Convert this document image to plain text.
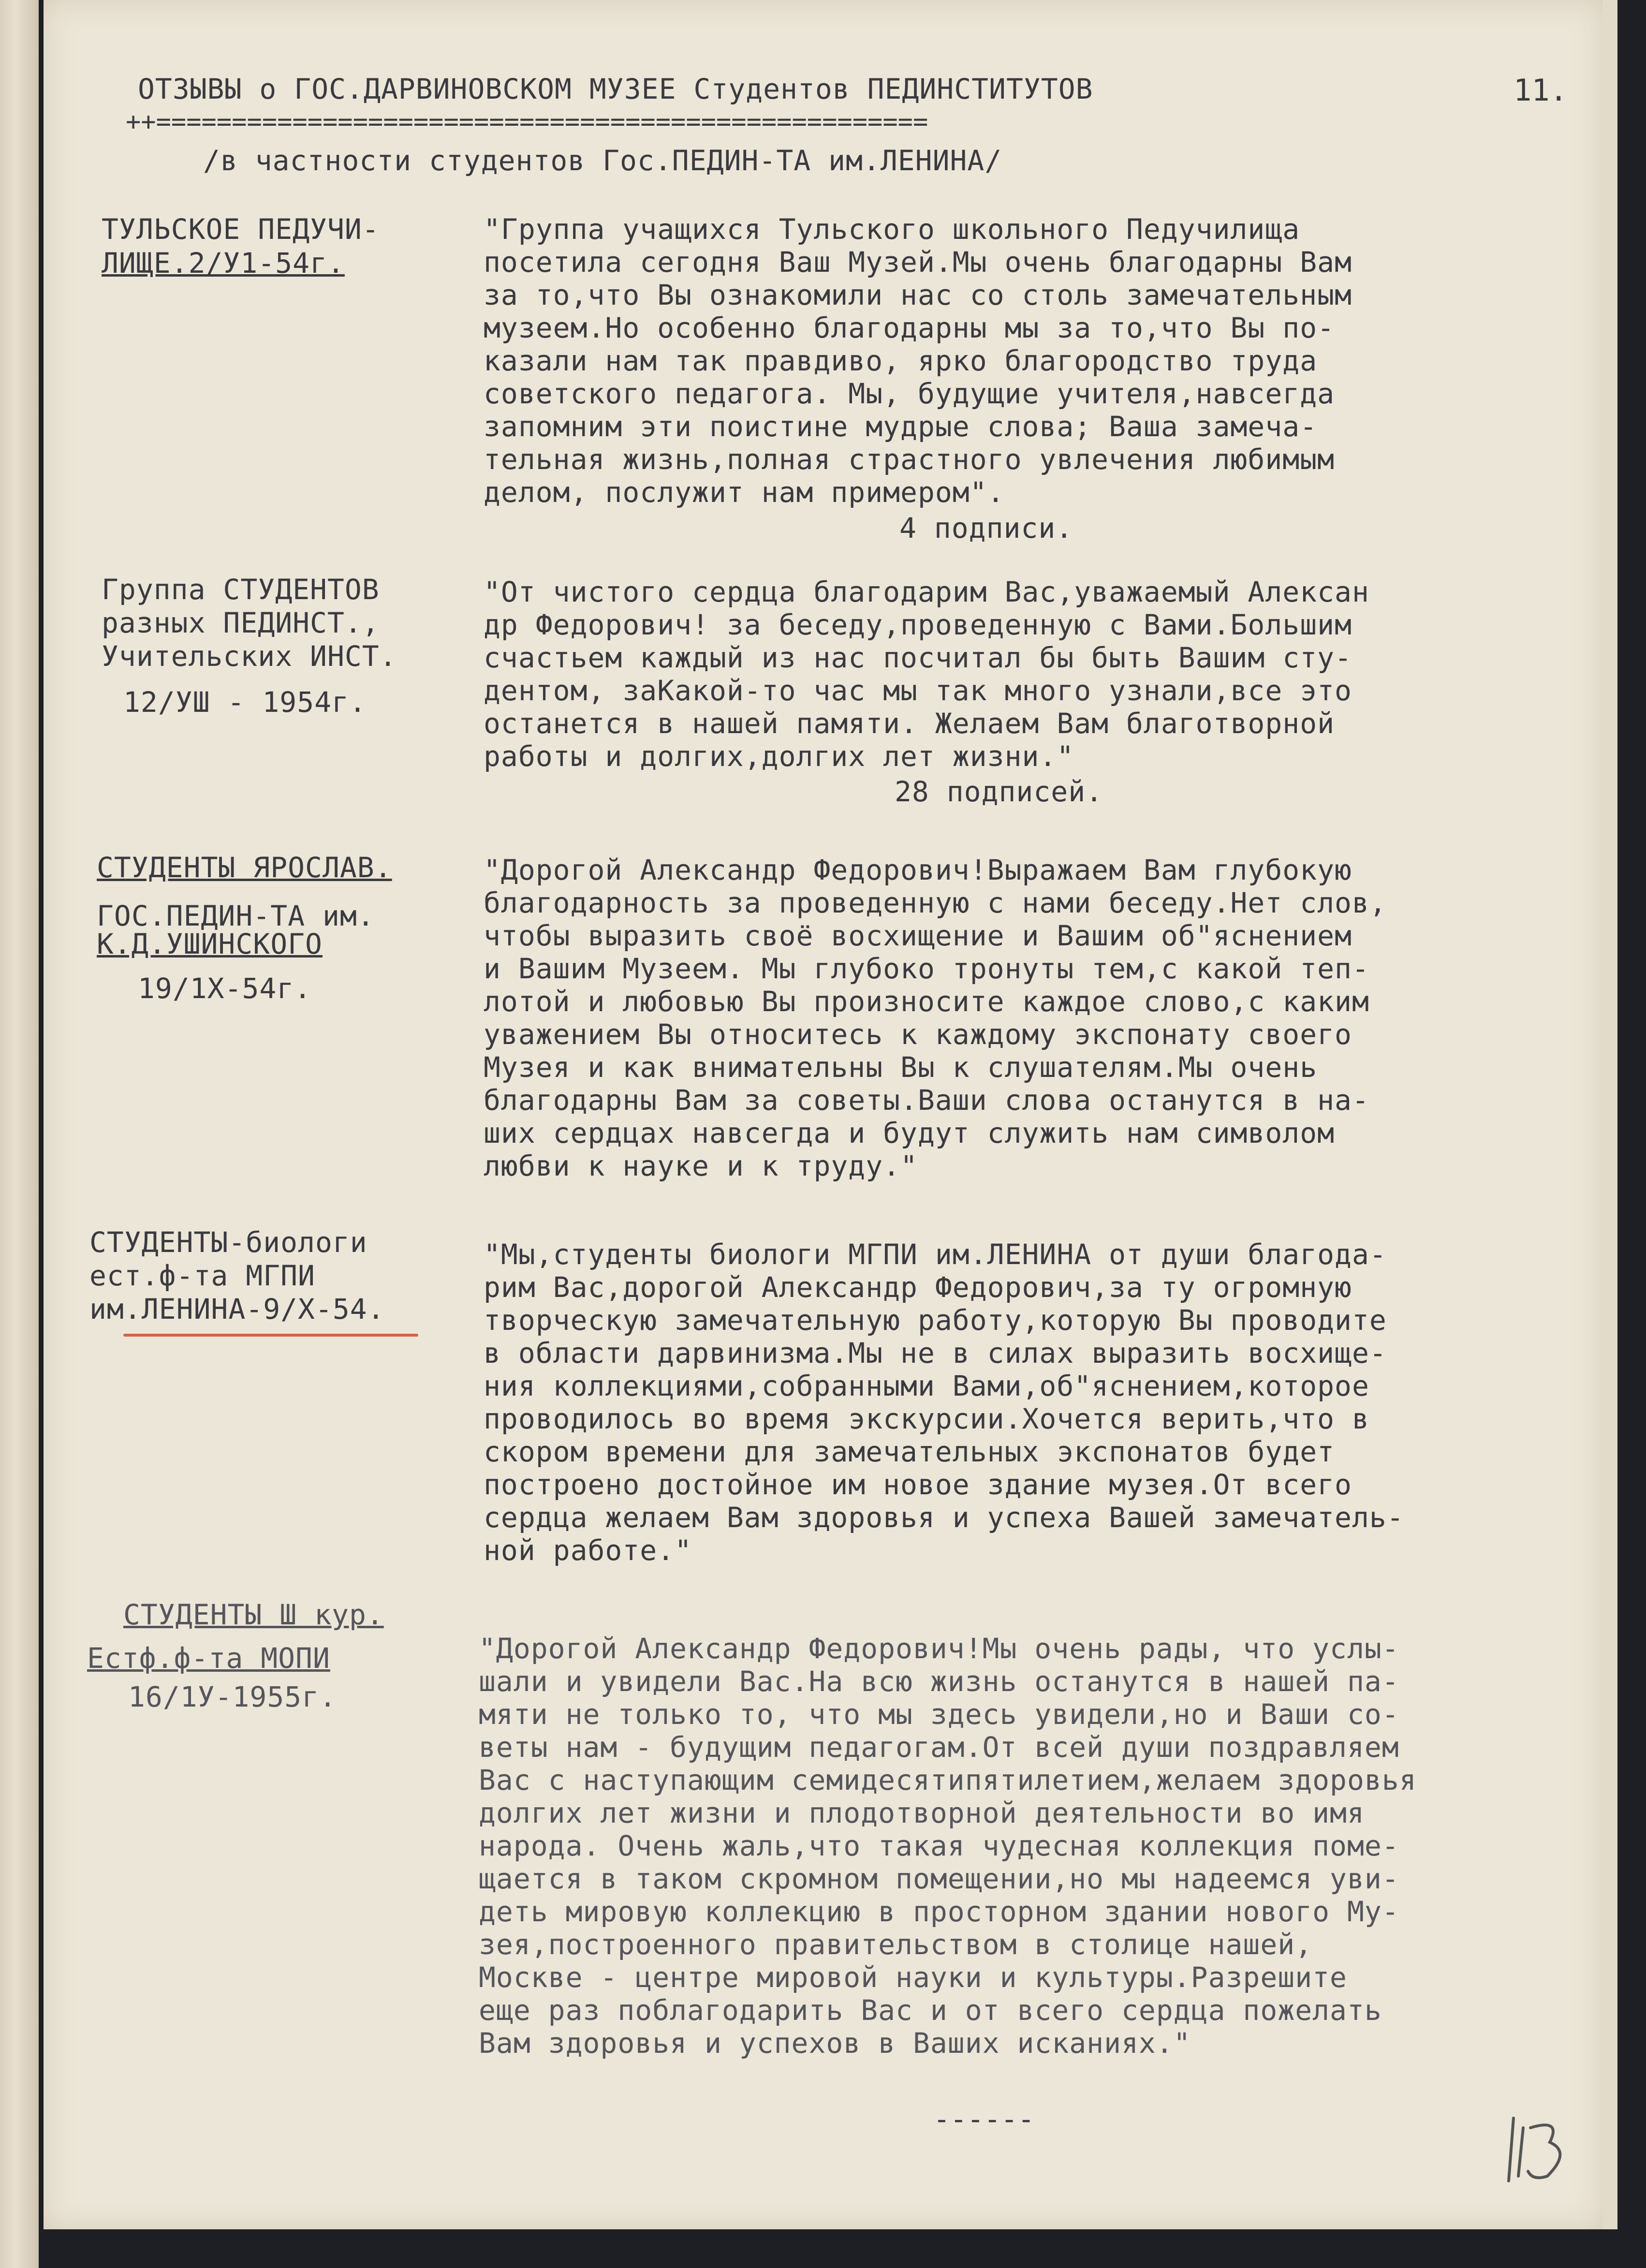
ОТЗЫВЫ о ГОС.ДАРВИНОВСКОМ МУЗЕЕ Студентов ПЕДИНСТИТУТОВ

++===================================================

/в частности студентов Гос.ПЕДИН-ТА им.ЛЕНИНА/

11.

ТУЛЬСКОЕ ПЕДУЧИ-

ЛИЩЕ.2/У1-54г.

"Группа учащихся Тульского школьного Педучилища

посетила сегодня Ваш Музей.Мы очень благодарны Вам

за то,что Вы ознакомили нас со столь замечательным

музеем.Но особенно благодарны мы за то,что Вы по-

казали нам так правдиво, ярко благородство труда

советского педагога. Мы, будущие учителя,навсегда

запомним эти поистине мудрые слова; Ваша замеча-

тельная жизнь,полная страстного увлечения любимым

делом, послужит нам примером".

4 подписи.

Группа СТУДЕНТОВ

разных ПЕДИНСТ.,

Учительских ИНСТ.

12/УШ - 1954г.

"От чистого сердца благодарим Вас,уважаемый Алексан

др Федорович! за беседу,проведенную с Вами.Большим

счастьем каждый из нас посчитал бы быть Вашим сту-

дентом, заКакой-то час мы так много узнали,все это

останется в нашей памяти. Желаем Вам благотворной

работы и долгих,долгих лет жизни."

28 подписей.

СТУДЕНТЫ ЯРОСЛАВ.

ГОС.ПЕДИН-ТА им.

К.Д.УШИНСКОГО

19/1Х-54г.

"Дорогой Александр Федорович!Выражаем Вам глубокую

благодарность за проведенную с нами беседу.Нет слов,

чтобы выразить своё восхищение и Вашим об"яснением

и Вашим Музеем. Мы глубоко тронуты тем,с какой теп-

лотой и любовью Вы произносите каждое слово,с каким

уважением Вы относитесь к каждому экспонату своего

Музея и как внимательны Вы к слушателям.Мы очень

благодарны Вам за советы.Ваши слова останутся в на-

ших сердцах навсегда и будут служить нам символом

любви к науке и к труду."

СТУДЕНТЫ-биологи

ест.ф-та МГПИ

им.ЛЕНИНА-9/Х-54.

"Мы,студенты биологи МГПИ им.ЛЕНИНА от души благода-

рим Вас,дорогой Александр Федорович,за ту огромную

творческую замечательную работу,которую Вы проводите

в области дарвинизма.Мы не в силах выразить восхище-

ния коллекциями,собранными Вами,об"яснением,которое

проводилось во время экскурсии.Хочется верить,что в

скором времени для замечательных экспонатов будет

построено достойное им новое здание музея.От всего

сердца желаем Вам здоровья и успеха Вашей замечатель-

ной работе."

СТУДЕНТЫ Ш кур.

Естф.ф-та МОПИ

16/1У-1955г.

"Дорогой Александр Федорович!Мы очень рады, что услы-

шали и увидели Вас.На всю жизнь останутся в нашей па-

мяти не только то, что мы здесь увидели,но и Ваши со-

веты нам - будущим педагогам.От всей души поздравляем

Вас с наступающим семидесятипятилетием,желаем здоровья

долгих лет жизни и плодотворной деятельности во имя

народа. Очень жаль,что такая чудесная коллекция поме-

щается в таком скромном помещении,но мы надеемся уви-

деть мировую коллекцию в просторном здании нового Му-

зея,построенного правительством в столице нашей,

Москве - центре мировой науки и культуры.Разрешите

еще раз поблагодарить Вас и от всего сердца пожелать

Вам здоровья и успехов в Ваших исканиях."

------
